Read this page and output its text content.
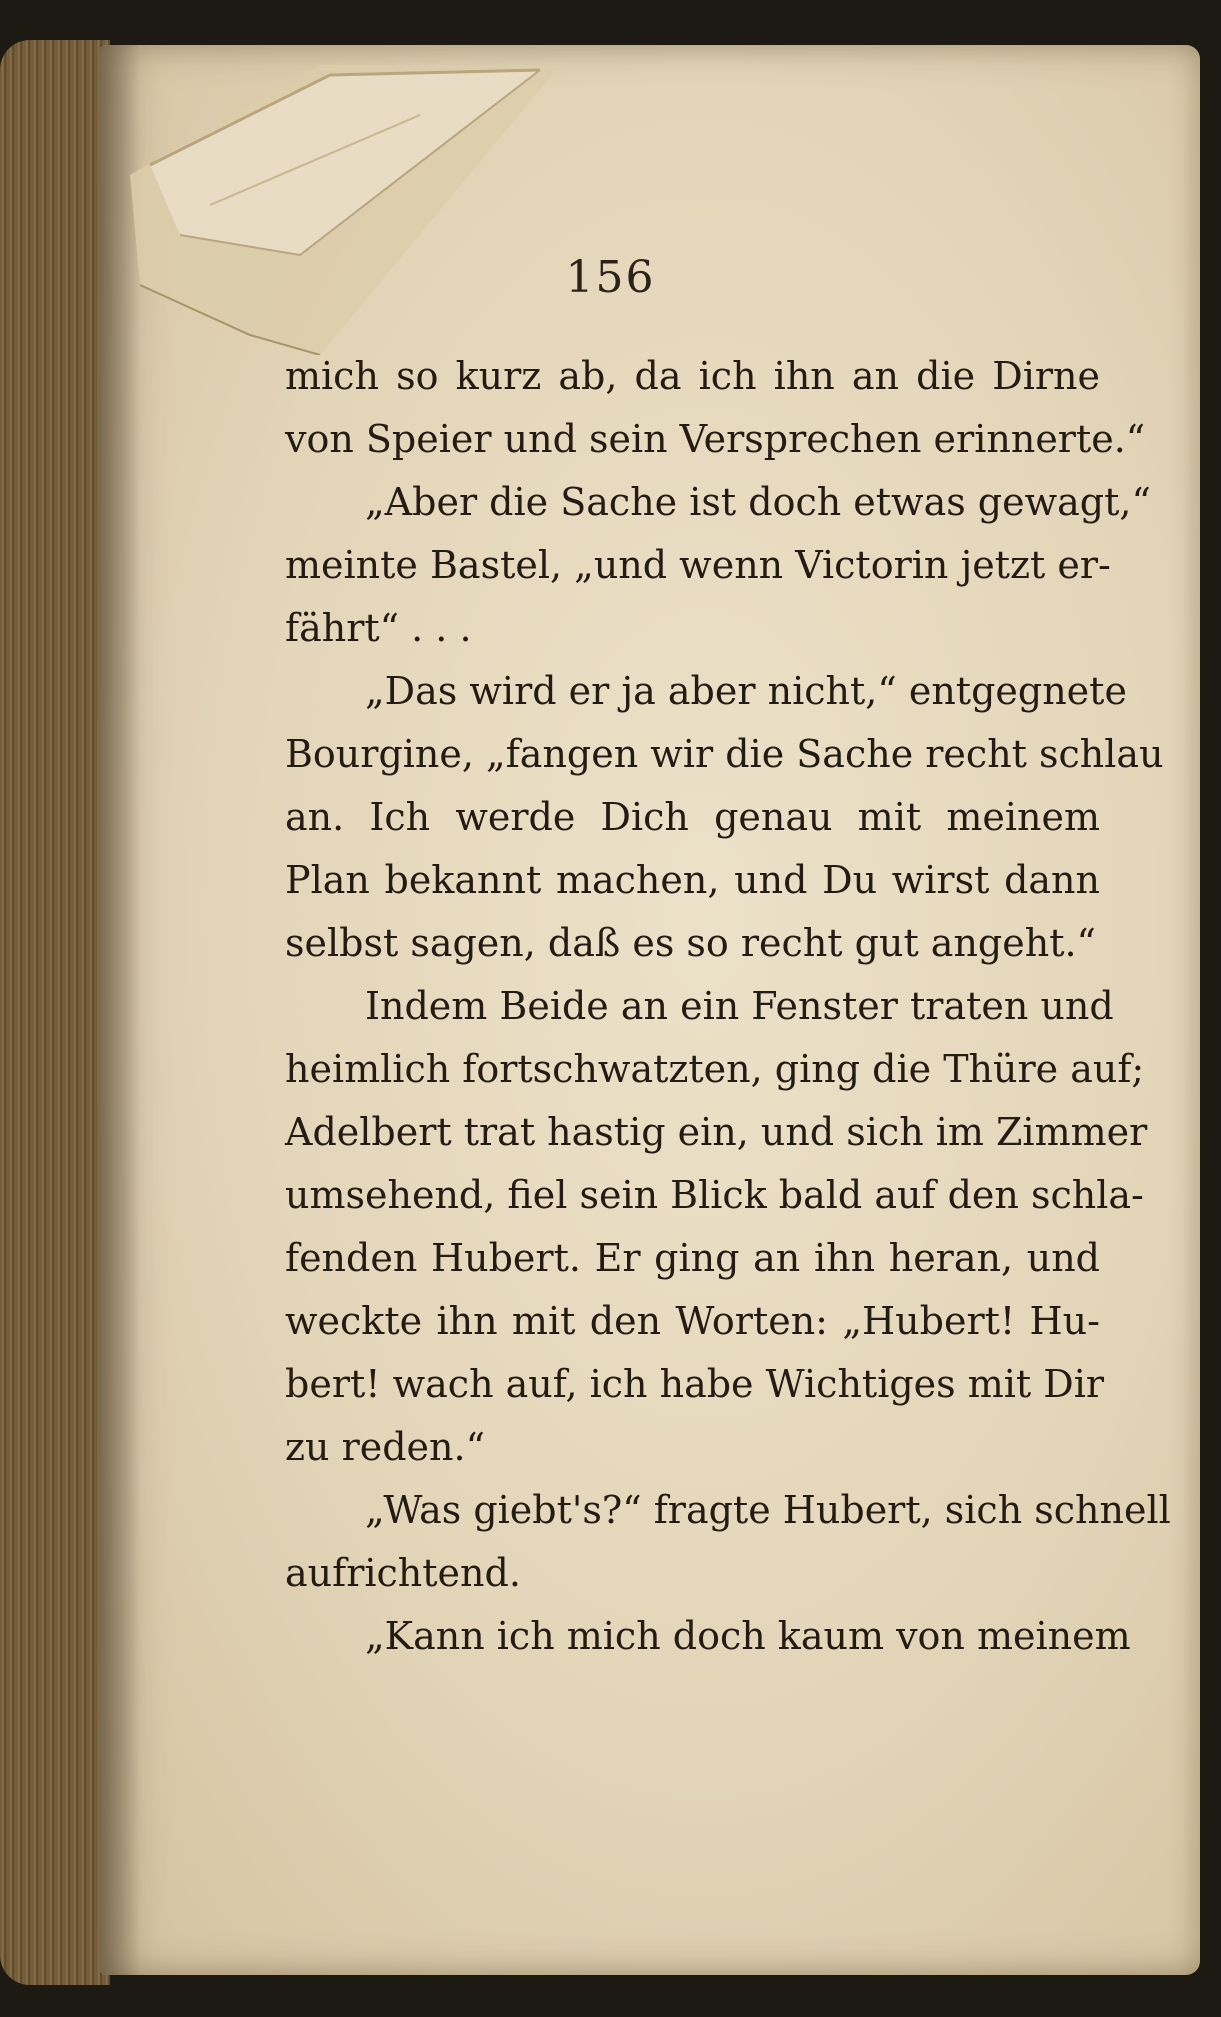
156
mich so kurz ab, da ich ihn an die Dirne
von Speier und sein Versprechen erinnerte.“
„Aber die Sache ist doch etwas gewagt,“
meinte Bastel, „und wenn Victorin jetzt er-
fährt“ . . .
„Das wird er ja aber nicht,“ entgegnete
Bourgine, „fangen wir die Sache recht schlau
an. Ich werde Dich genau mit meinem
Plan bekannt machen, und Du wirst dann
selbst sagen, daß es so recht gut angeht.“
Indem Beide an ein Fenster traten und
heimlich fortschwatzten, ging die Thüre auf;
Adelbert trat hastig ein, und sich im Zimmer
umsehend, fiel sein Blick bald auf den schla-
fenden Hubert. Er ging an ihn heran, und
weckte ihn mit den Worten: „Hubert! Hu-
bert! wach auf, ich habe Wichtiges mit Dir
zu reden.“
„Was giebt's?“ fragte Hubert, sich schnell
aufrichtend.
„Kann ich mich doch kaum von meinem
